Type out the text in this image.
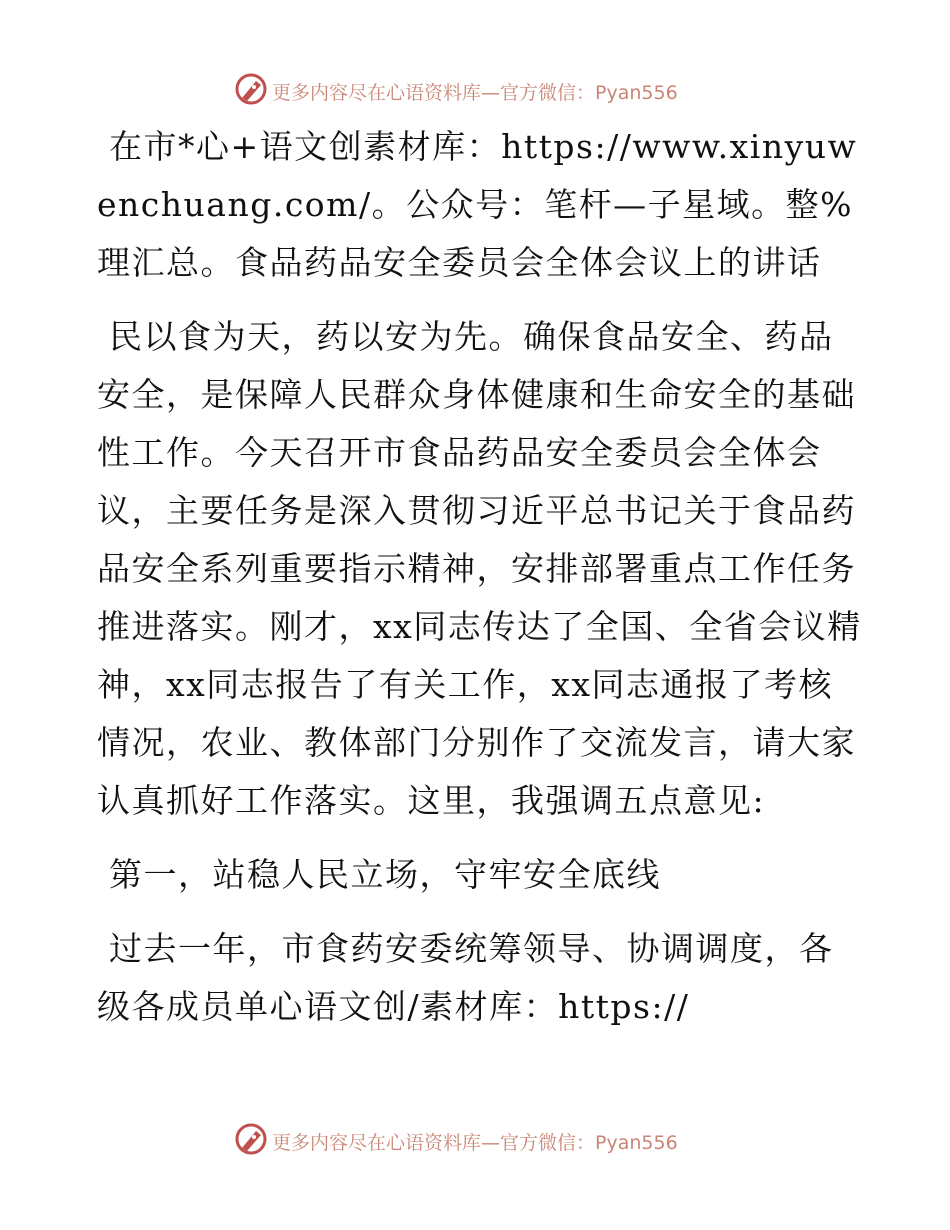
更多内容尽在心语资料库—官方微信：Pyan556

在市*心+语文创素材库：https://www.xinyuwenchuang.com/。公众号：笔杆—子星域。整%理汇总。食品药品安全委员会全体会议上的讲话

民以食为天，药以安为先。确保食品安全、药品安全，是保障人民群众身体健康和生命安全的基础性工作。今天召开市食品药品安全委员会全体会议，主要任务是深入贯彻习近平总书记关于食品药品安全系列重要指示精神，安排部署重点工作任务推进落实。刚才，xx同志传达了全国、全省会议精神，xx同志报告了有关工作，xx同志通报了考核情况，农业、教体部门分别作了交流发言，请大家认真抓好工作落实。这里，我强调五点意见:

第一，站稳人民立场，守牢安全底线

过去一年，市食药安委统筹领导、协调调度，各级各成员单心语文创/素材库：https://

更多内容尽在心语资料库—官方微信：Pyan556
